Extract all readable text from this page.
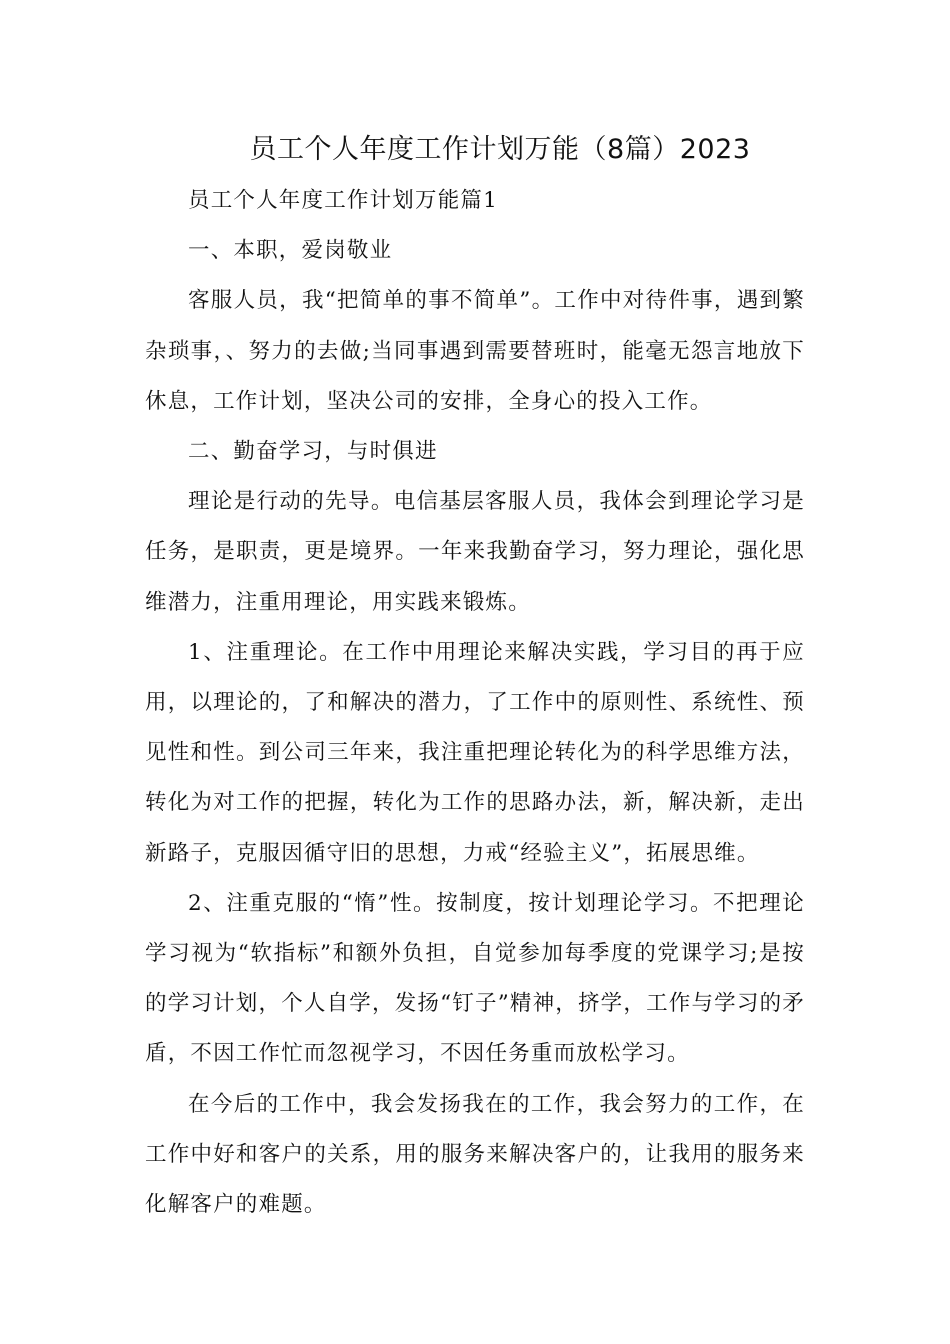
员工个人年度工作计划万能（8篇）2023

员工个人年度工作计划万能篇1

一、本职，爱岗敬业

客服人员，我“把简单的事不简单”。工作中对待件事，遇到繁杂琐事，、努力的去做;当同事遇到需要替班时，能毫无怨言地放下休息，工作计划，坚决公司的安排，全身心的投入工作。

二、勤奋学习，与时俱进

理论是行动的先导。电信基层客服人员，我体会到理论学习是任务，是职责，更是境界。一年来我勤奋学习，努力理论，强化思维潜力，注重用理论，用实践来锻炼。

1、注重理论。在工作中用理论来解决实践，学习目的再于应用，以理论的，了和解决的潜力，了工作中的原则性、系统性、预见性和性。到公司三年来，我注重把理论转化为的科学思维方法，转化为对工作的把握，转化为工作的思路办法，新，解决新，走出新路子，克服因循守旧的思想，力戒“经验主义”，拓展思维。

2、注重克服的“惰”性。按制度，按计划理论学习。不把理论学习视为“软指标”和额外负担，自觉参加每季度的党课学习;是按的学习计划，个人自学，发扬“钉子”精神，挤学，工作与学习的矛盾，不因工作忙而忽视学习，不因任务重而放松学习。

在今后的工作中，我会发扬我在的工作，我会努力的工作，在工作中好和客户的关系，用的服务来解决客户的，让我用的服务来化解客户的难题。
